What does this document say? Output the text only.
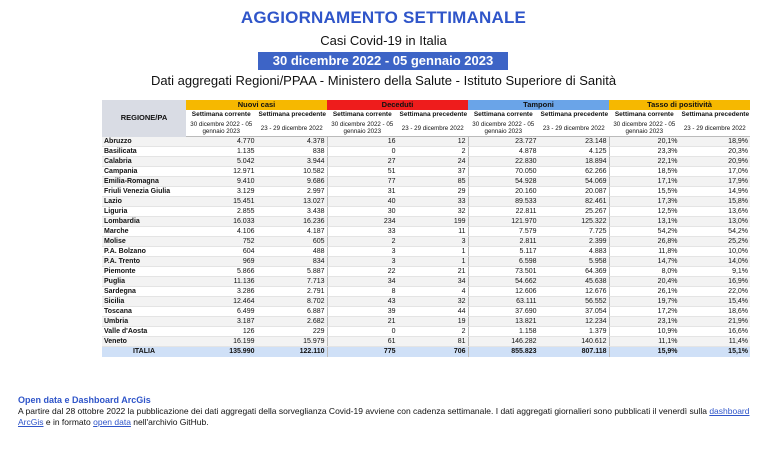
AGGIORNAMENTO SETTIMANALE
Casi Covid-19 in Italia
30 dicembre 2022 - 05 gennaio 2023
Dati aggregati Regioni/PPAA - Ministero della Salute - Istituto Superiore di Sanità
REGIONE/PA	Nuovi casi		Deceduti		Tamponi		Tasso di positività	
	Settimana corrente	Settimana precedente	Settimana corrente	Settimana precedente	Settimana corrente	Settimana precedente	Settimana corrente	Settimana precedente
	30 dicembre 2022 - 05 gennaio 2023	23 - 29 dicembre 2022	30 dicembre 2022 - 05 gennaio 2023	23 - 29 dicembre 2022	30 dicembre 2022 - 05 gennaio 2023	23 - 29 dicembre 2022	30 dicembre 2022 - 05 gennaio 2023	23 - 29 dicembre 2022
Abruzzo	4.770	4.378	16	12	23.727	23.148	20,1%	18,9%
Basilicata	1.135	838	0	2	4.878	4.125	23,3%	20,3%
Calabria	5.042	3.944	27	24	22.830	18.894	22,1%	20,9%
Campania	12.971	10.582	51	37	70.050	62.266	18,5%	17,0%
Emilia-Romagna	9.410	9.686	77	85	54.928	54.069	17,1%	17,9%
Friuli Venezia Giulia	3.129	2.997	31	29	20.160	20.087	15,5%	14,9%
Lazio	15.451	13.027	40	33	89.533	82.461	17,3%	15,8%
Liguria	2.855	3.438	30	32	22.811	25.267	12,5%	13,6%
Lombardia	16.033	16.236	234	199	121.970	125.322	13,1%	13,0%
Marche	4.106	4.187	33	11	7.579	7.725	54,2%	54,2%
Molise	752	605	2	3	2.811	2.399	26,8%	25,2%
P.A. Bolzano	604	488	3	1	5.117	4.883	11,8%	10,0%
P.A. Trento	969	834	3	1	6.598	5.958	14,7%	14,0%
Piemonte	5.866	5.887	22	21	73.501	64.369	8,0%	9,1%
Puglia	11.136	7.713	34	34	54.662	45.638	20,4%	16,9%
Sardegna	3.286	2.791	8	4	12.606	12.676	26,1%	22,0%
Sicilia	12.464	8.702	43	32	63.111	56.552	19,7%	15,4%
Toscana	6.499	6.887	39	44	37.690	37.054	17,2%	18,6%
Umbria	3.187	2.682	21	19	13.821	12.234	23,1%	21,9%
Valle d'Aosta	126	229	0	2	1.158	1.379	10,9%	16,6%
Veneto	16.199	15.979	61	81	146.282	140.612	11,1%	11,4%
ITALIA	135.990	122.110	775	706	855.823	807.118	15,9%	15,1%
Open data e Dashboard ArcGis
A partire dal 28 ottobre 2022 la pubblicazione dei dati aggregati della sorveglianza Covid-19 avviene con cadenza settimanale. I dati aggregati giornalieri sono pubblicati il venerdì sulla dashboard ArcGis e in formato open data nell'archivio GitHub.
